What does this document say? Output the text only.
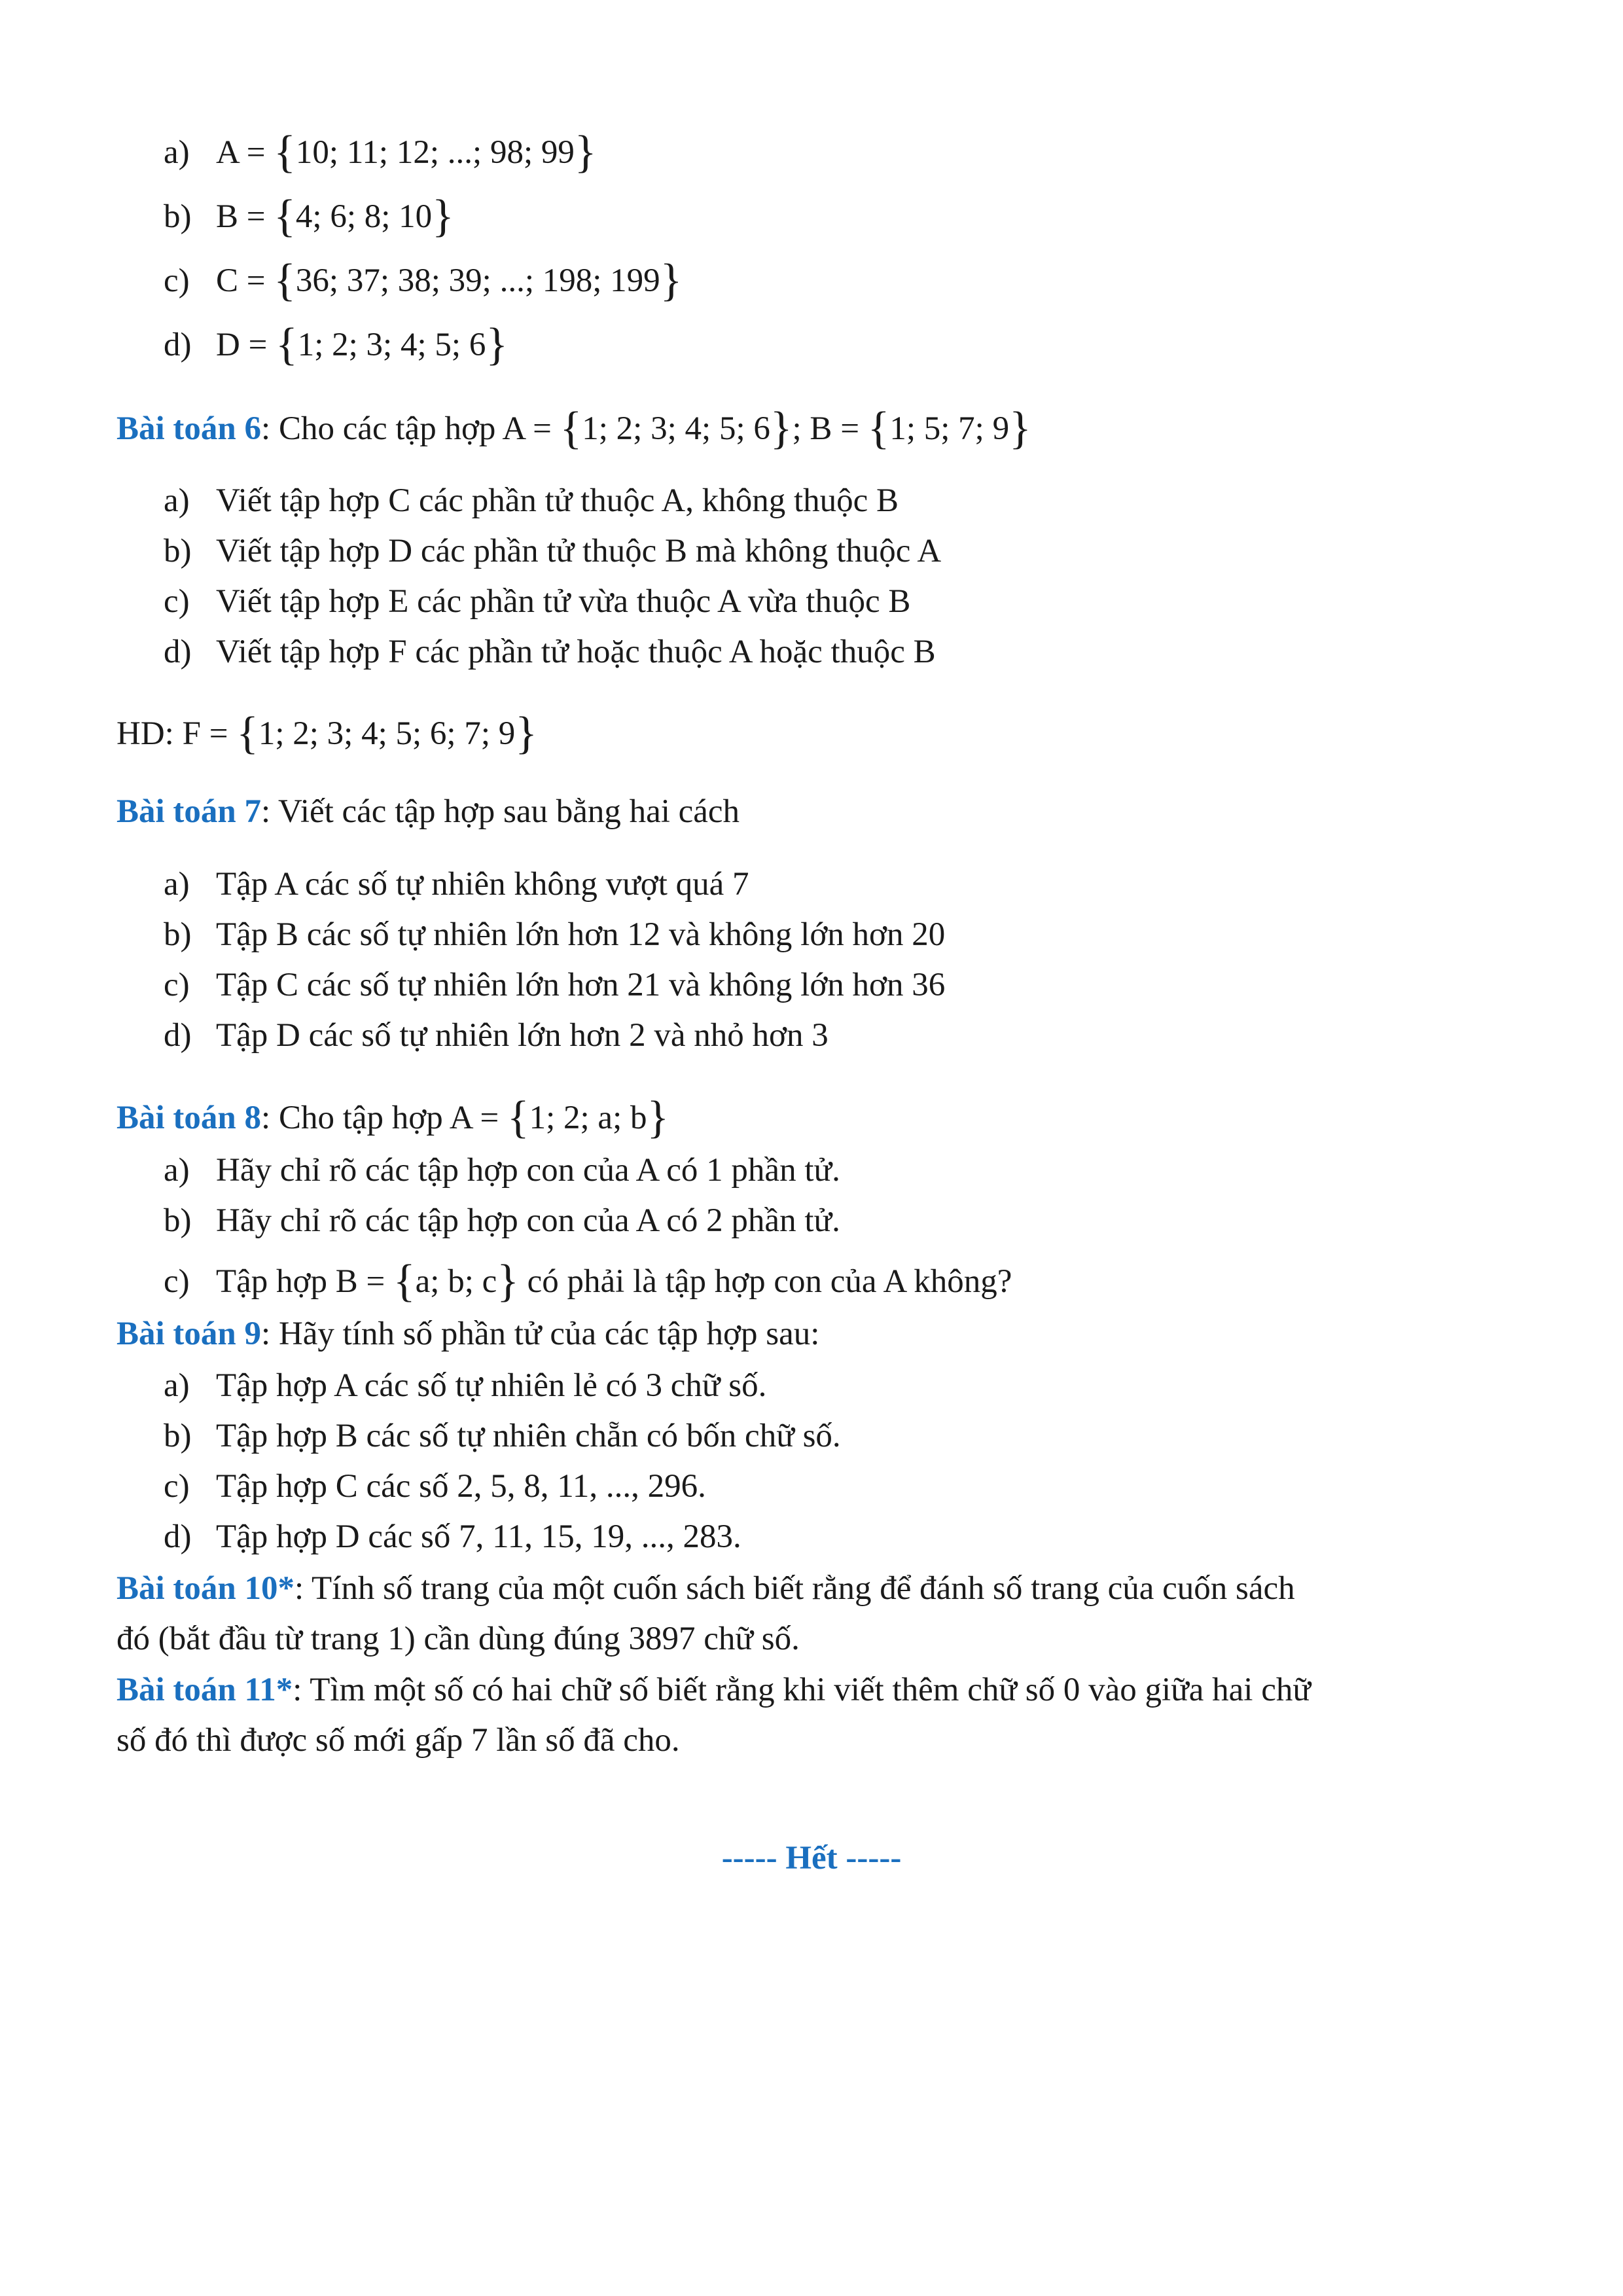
a) A = {10; 11; 12; ...; 98; 99}
b) B = {4; 6; 8; 10}
c) C = {36; 37; 38; 39; ...; 198; 199}
d) D = {1; 2; 3; 4; 5; 6}
Bài toán 6: Cho các tập hợp A = {1; 2; 3; 4; 5; 6}; B = {1; 5; 7; 9}
a) Viết tập hợp C các phần tử thuộc A, không thuộc B
b) Viết tập hợp D các phần tử thuộc B mà không thuộc A
c) Viết tập hợp E các phần tử vừa thuộc A vừa thuộc B
d) Viết tập hợp F các phần tử hoặc thuộc A hoặc thuộc B
HD: F = {1; 2; 3; 4; 5; 6; 7; 9}
Bài toán 7: Viết các tập hợp sau bằng hai cách
a) Tập A các số tự nhiên không vượt quá 7
b) Tập B các số tự nhiên lớn hơn 12 và không lớn hơn 20
c) Tập C các số tự nhiên lớn hơn 21 và không lớn hơn 36
d) Tập D các số tự nhiên lớn hơn 2 và nhỏ hơn 3
Bài toán 8: Cho tập hợp A = {1; 2; a; b}
a) Hãy chỉ rõ các tập hợp con của A có 1 phần tử.
b) Hãy chỉ rõ các tập hợp con của A có 2 phần tử.
c) Tập hợp B = {a; b; c} có phải là tập hợp con của A không?
Bài toán 9: Hãy tính số phần tử của các tập hợp sau:
a) Tập hợp A các số tự nhiên lẻ có 3 chữ số.
b) Tập hợp B các số tự nhiên chẵn có bốn chữ số.
c) Tập hợp C các số 2, 5, 8, 11, ..., 296.
d) Tập hợp D các số 7, 11, 15, 19, ..., 283.
Bài toán 10*: Tính số trang của một cuốn sách biết rằng để đánh số trang của cuốn sách
đó (bắt đầu từ trang 1) cần dùng đúng 3897 chữ số.
Bài toán 11*: Tìm một số có hai chữ số biết rằng khi viết thêm chữ số 0 vào giữa hai chữ
số đó thì được số mới gấp 7 lần số đã cho.
----- Hết -----
